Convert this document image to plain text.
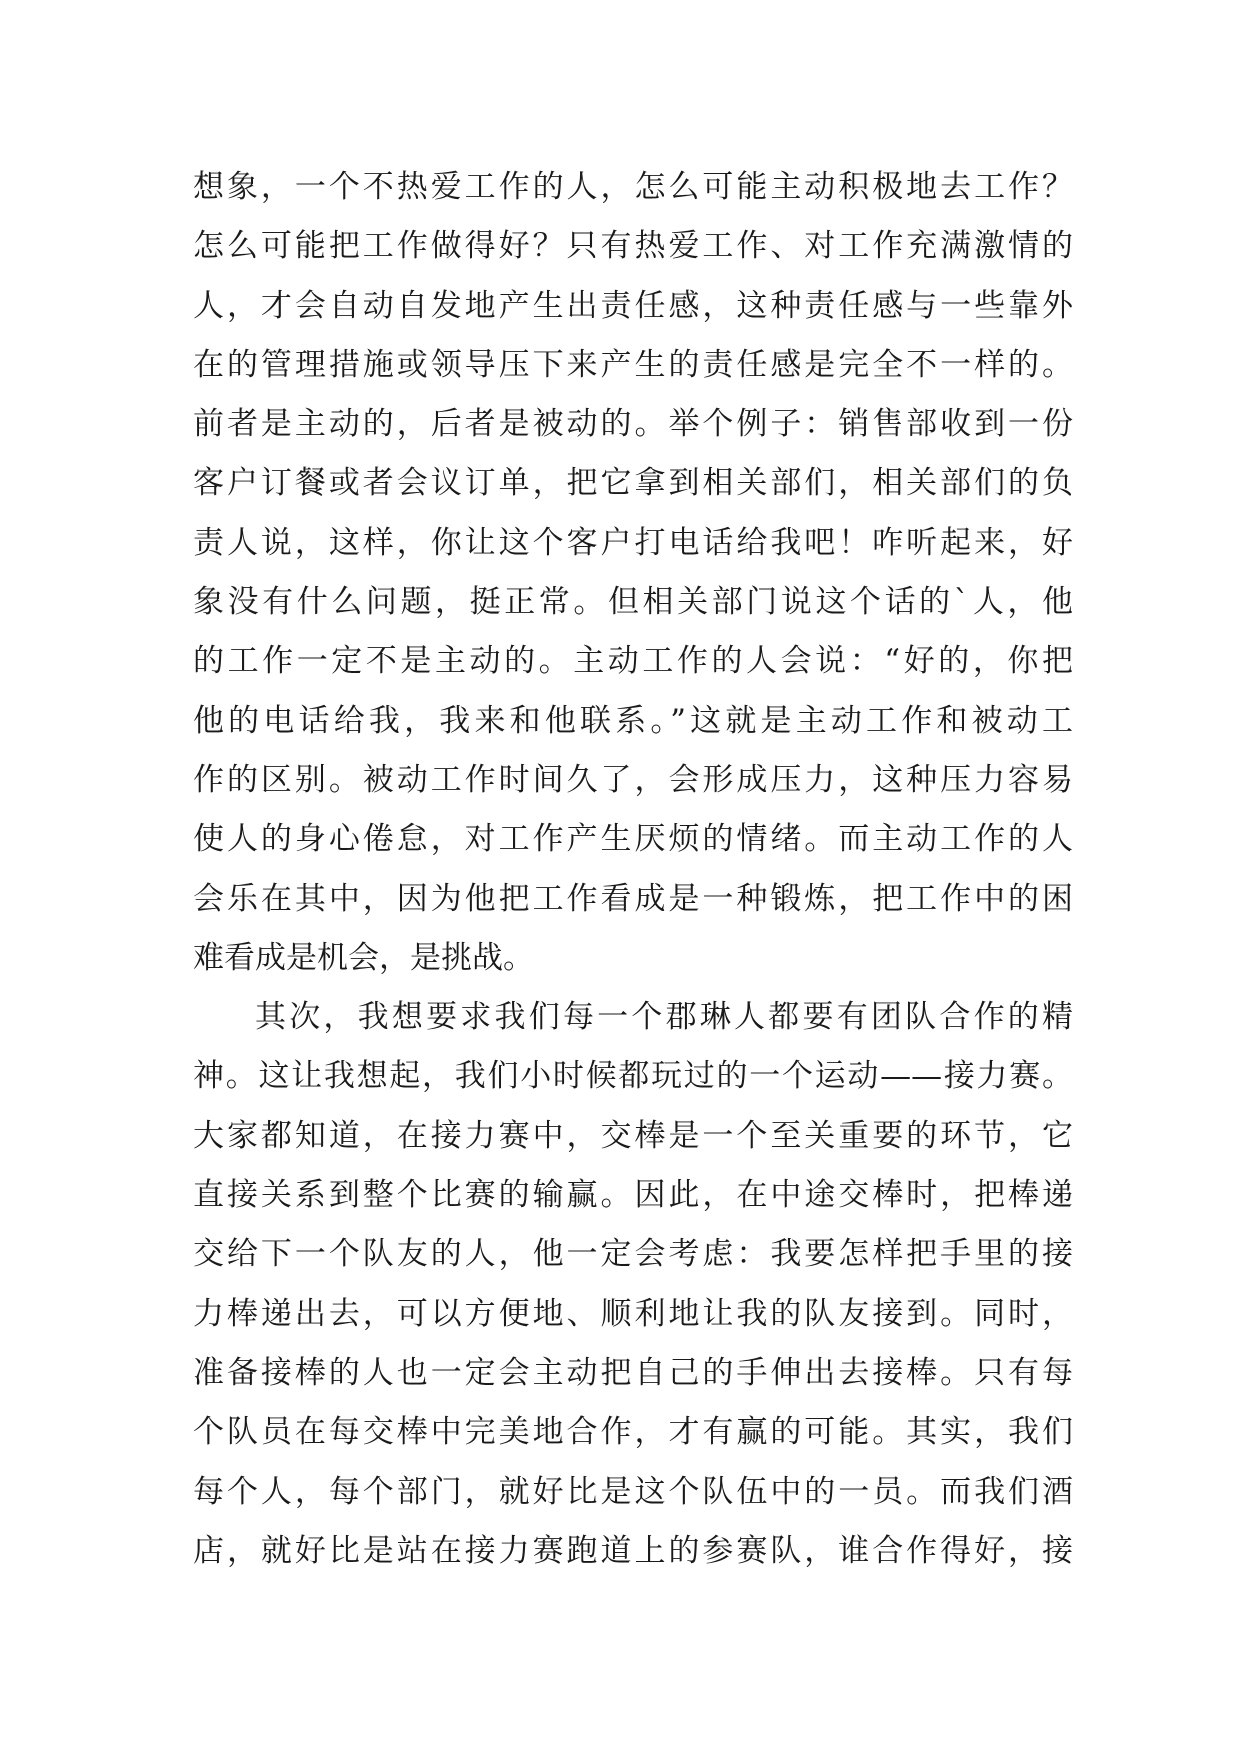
想象，一个不热爱工作的人，怎么可能主动积极地去工作？
怎么可能把工作做得好？只有热爱工作、对工作充满激情的
人，才会自动自发地产生出责任感，这种责任感与一些靠外
在的管理措施或领导压下来产生的责任感是完全不一样的。
前者是主动的，后者是被动的。举个例子：销售部收到一份
客户订餐或者会议订单，把它拿到相关部们，相关部们的负
责人说，这样，你让这个客户打电话给我吧！咋听起来，好
象没有什么问题，挺正常。但相关部门说这个话的`人，他
的工作一定不是主动的。主动工作的人会说：“好的，你把
他的电话给我，我来和他联系。”这就是主动工作和被动工
作的区别。被动工作时间久了，会形成压力，这种压力容易
使人的身心倦怠，对工作产生厌烦的情绪。而主动工作的人
会乐在其中，因为他把工作看成是一种锻炼，把工作中的困
难看成是机会，是挑战。
其次，我想要求我们每一个郡琳人都要有团队合作的精
神。这让我想起，我们小时候都玩过的一个运动——接力赛。
大家都知道，在接力赛中，交棒是一个至关重要的环节，它
直接关系到整个比赛的输赢。因此，在中途交棒时，把棒递
交给下一个队友的人，他一定会考虑：我要怎样把手里的接
力棒递出去，可以方便地、顺利地让我的队友接到。同时，
准备接棒的人也一定会主动把自己的手伸出去接棒。只有每
个队员在每交棒中完美地合作，才有赢的可能。其实，我们
每个人，每个部门，就好比是这个队伍中的一员。而我们酒
店，就好比是站在接力赛跑道上的参赛队，谁合作得好，接
